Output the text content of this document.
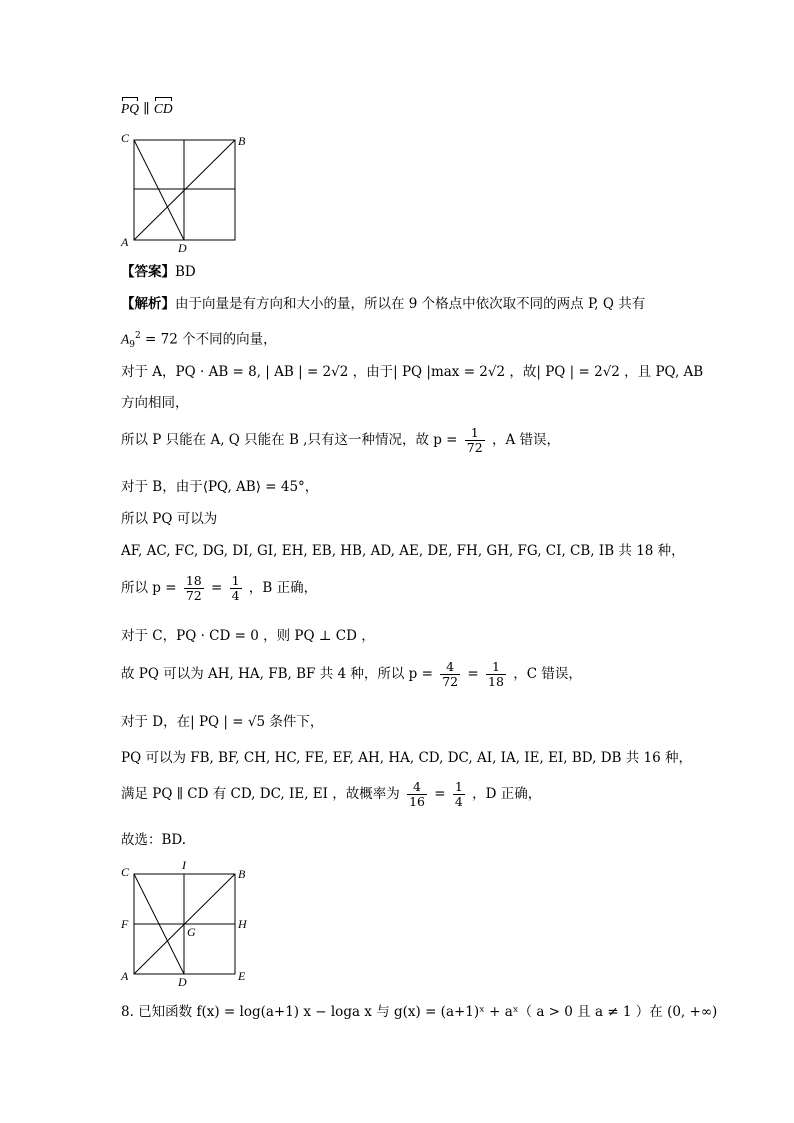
PQ ∥ CD
C	B
A	D
【答案】BD
【解析】由于向量是有方向和大小的量，所以在 9 个格点中依次取不同的两点 P, Q 共有
$A_9^2 = 72$ 个不同的向量，
对于 A，PQ · AB = 8, | AB | = 2√2 ，由于| PQ |max = 2√2 ，故| PQ | = 2√2 ，且 PQ, AB
方向相同，
所以 P 只能在 A, Q 只能在 B ,只有这一种情况，故 $p = \frac{1}{72}$ ，A 错误，
对于 B，由于⟨PQ, AB⟩ = 45°，
所以 PQ 可以为
AF, AC, FC, DG, DI, GI, EH, EB, HB, AD, AE, DE, FH, GH, FG, CI, CB, IB 共 18 种，
所以 $p = \frac{18}{72} = \frac{1}{4}$ ，B 正确，
对于 C，PQ · CD = 0 ，则 PQ ⊥ CD ，
故 PQ 可以为 AH, HA, FB, BF 共 4 种，所以 $p = \frac{4}{72} = \frac{1}{18}$ ，C 错误，
对于 D，在| PQ | = √5 条件下，
PQ 可以为 FB, BF, CH, HC, FE, EF, AH, HA, CD, DC, AI, IA, IE, EI, BD, DB 共 16 种，
满足 PQ ∥ CD 有 CD, DC, IE, EI ，故概率为 $\frac{4}{16} = \frac{1}{4}$ ，D 正确，
故选：BD.
C	I
B
F
G
H
A	D	E
8. 已知函数 f(x) = log(a+1) x − loga x 与 g(x) = (a+1)ˣ + aˣ（ a > 0 且 a ≠ 1 ）在 (0, +∞)
